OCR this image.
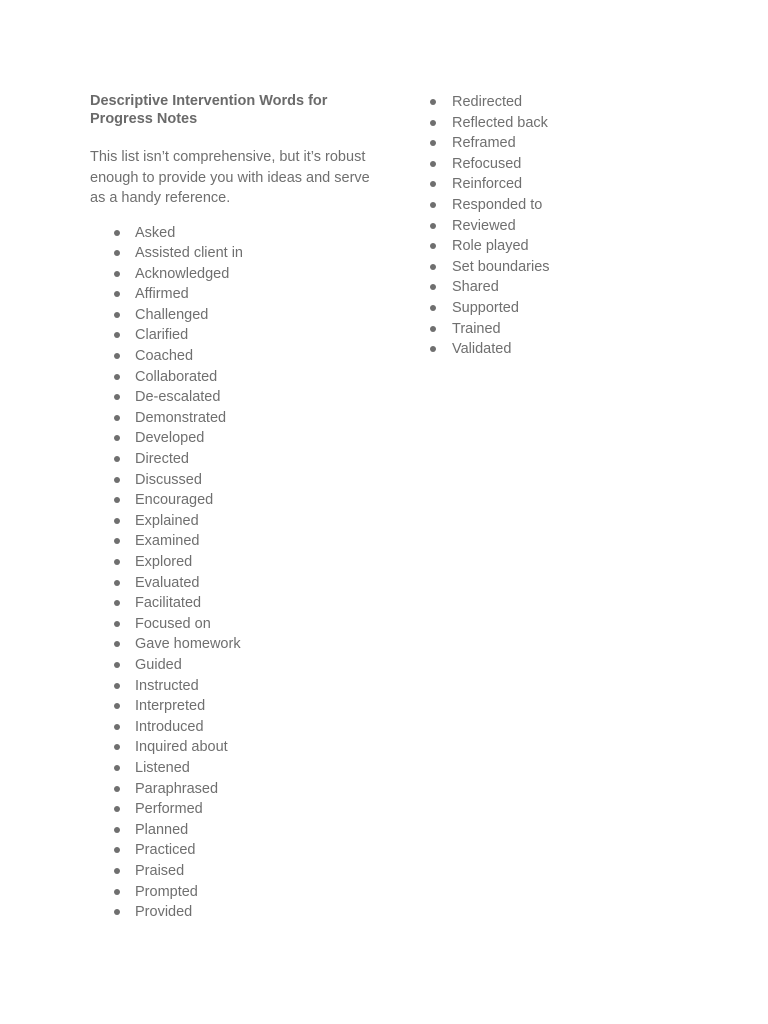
Descriptive Intervention Words for Progress Notes
This list isn’t comprehensive, but it’s robust enough to provide you with ideas and serve as a handy reference.
Asked
Assisted client in
Acknowledged
Affirmed
Challenged
Clarified
Coached
Collaborated
De-escalated
Demonstrated
Developed
Directed
Discussed
Encouraged
Explained
Examined
Explored
Evaluated
Facilitated
Focused on
Gave homework
Guided
Instructed
Interpreted
Introduced
Inquired about
Listened
Paraphrased
Performed
Planned
Practiced
Praised
Prompted
Provided
Redirected
Reflected back
Reframed
Refocused
Reinforced
Responded to
Reviewed
Role played
Set boundaries
Shared
Supported
Trained
Validated
